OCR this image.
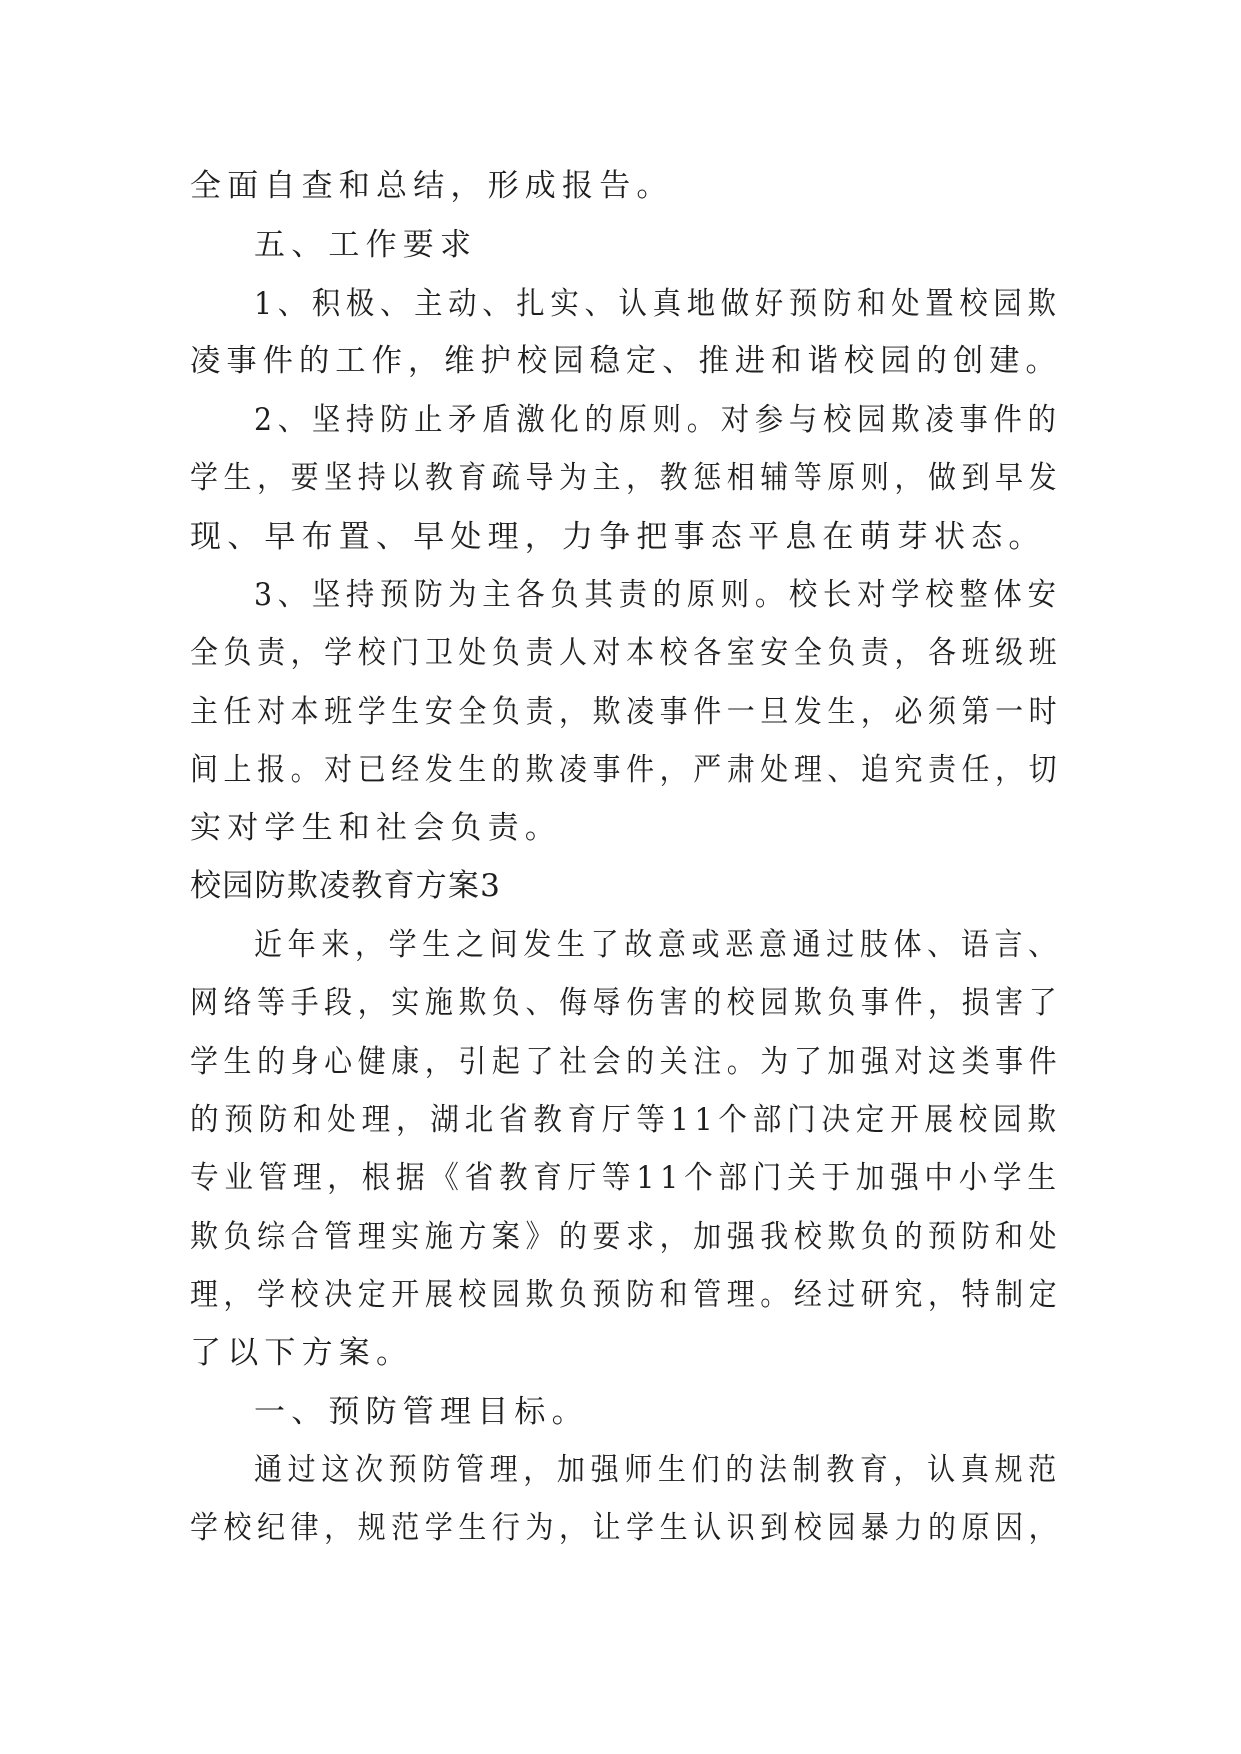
全面自查和总结，形成报告。
五、工作要求
1、积极、主动、扎实、认真地做好预防和处置校园欺
凌事件的工作，维护校园稳定、推进和谐校园的创建。
2、坚持防止矛盾激化的原则。对参与校园欺凌事件的
学生，要坚持以教育疏导为主，教惩相辅等原则，做到早发
现、早布置、早处理，力争把事态平息在萌芽状态。
3、坚持预防为主各负其责的原则。校长对学校整体安
全负责，学校门卫处负责人对本校各室安全负责，各班级班
主任对本班学生安全负责，欺凌事件一旦发生，必须第一时
间上报。对已经发生的欺凌事件，严肃处理、追究责任，切
实对学生和社会负责。
校园防欺凌教育方案3
近年来，学生之间发生了故意或恶意通过肢体、语言、
网络等手段，实施欺负、侮辱伤害的校园欺负事件，损害了
学生的身心健康，引起了社会的关注。为了加强对这类事件
的预防和处理，湖北省教育厅等11个部门决定开展校园欺
专业管理，根据《省教育厅等11个部门关于加强中小学生
欺负综合管理实施方案》的要求，加强我校欺负的预防和处
理，学校决定开展校园欺负预防和管理。经过研究，特制定
了以下方案。
一、预防管理目标。
通过这次预防管理，加强师生们的法制教育，认真规范
学校纪律，规范学生行为，让学生认识到校园暴力的原因，
